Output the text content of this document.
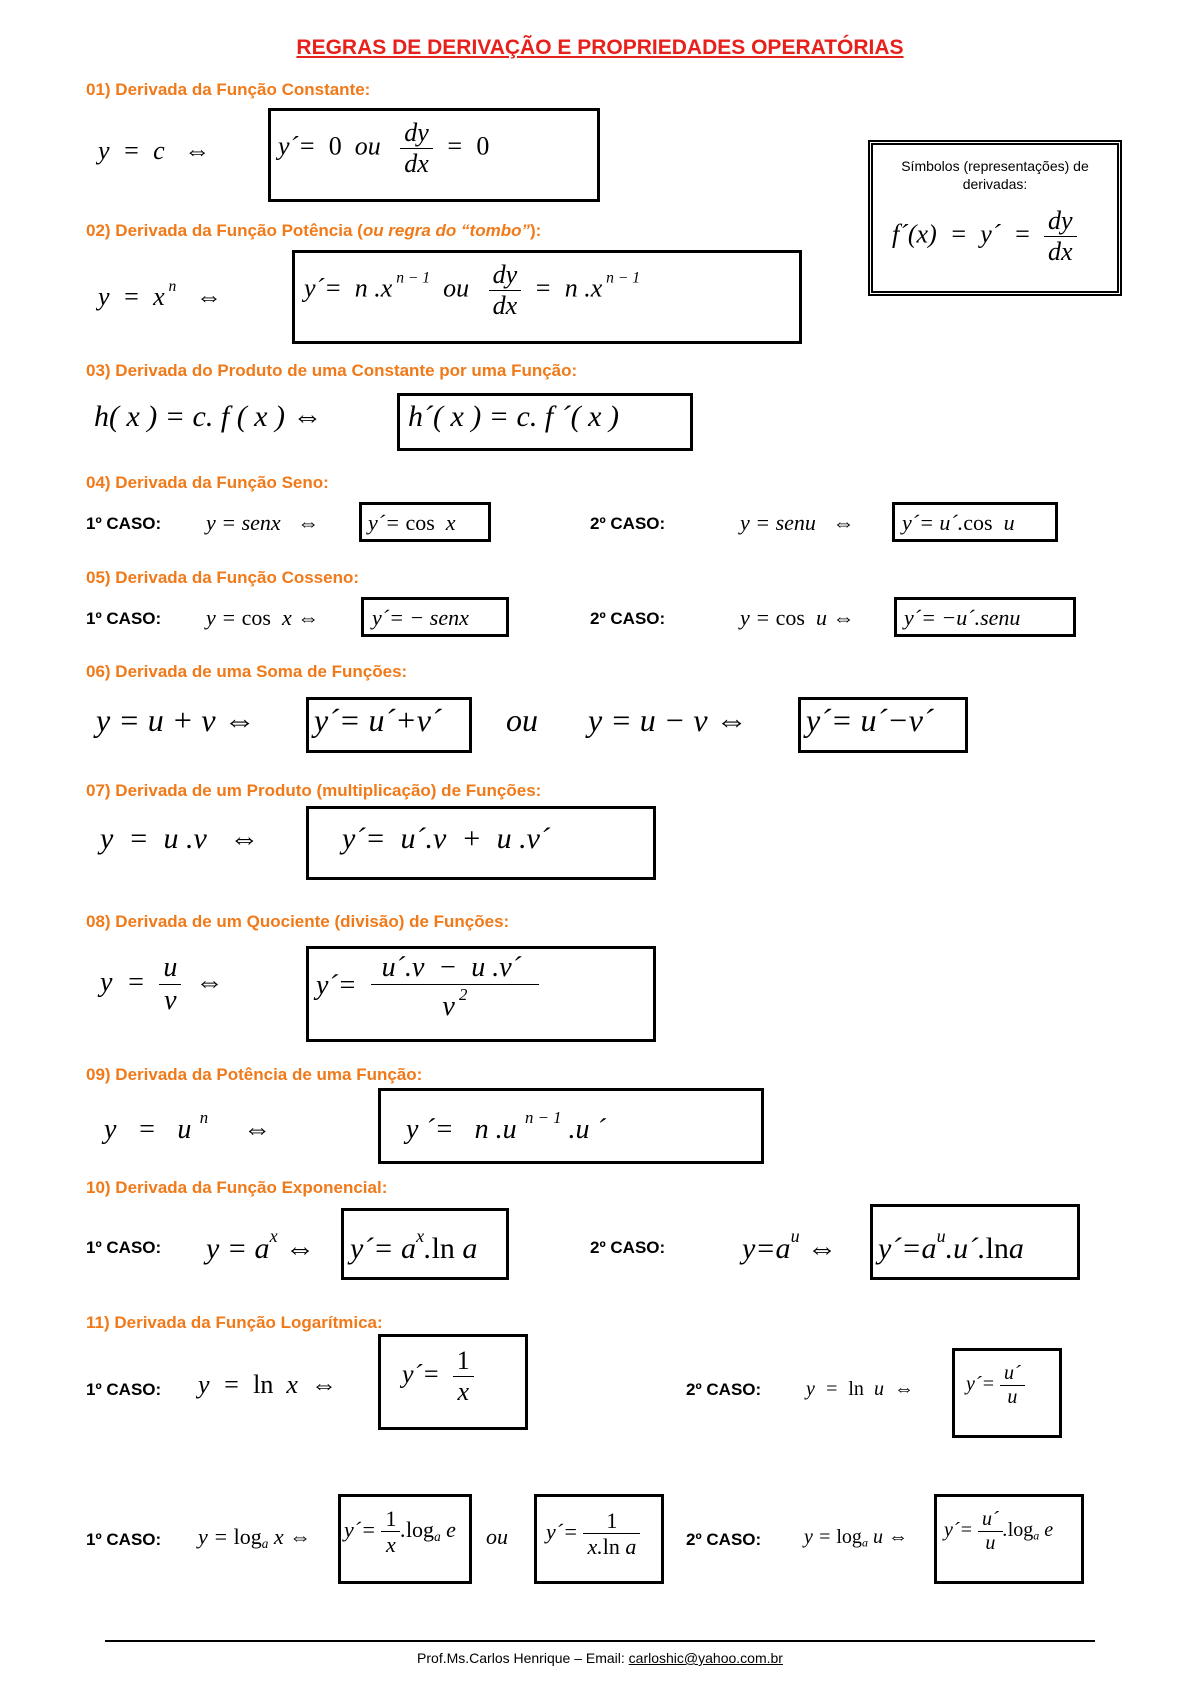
REGRAS DE DERIVAÇÃO E PROPRIEDADES OPERATÓRIAS
01) Derivada da Função Constante:
y  =  c   ⇔	y´=  0  ou $\frac{dy}{dx} = 0$
Símbolos (representações) de derivadas:
f´(x)  =  y´  = $\frac{dy}{dx}$
02) Derivada da Função Potência (ou regra do “tombo”):
y  =  x $^n$ ⇔	y´=  n .x $^{n - 1}$  ou $\frac{dy}{dx} = n$ .x $^{n - 1}$
03) Derivada do Produto de uma Constante por uma Função:
h( x ) = c. f ( x ) ⇔	h´( x ) = c. f ´( x )
04) Derivada da Função Seno:
1º CASO: y = senx   ⇔ y´= cos  x	2º CASO:	y = senu   ⇔ y´= u´.cos  u
05) Derivada da Função Cosseno:
1º CASO: y = cos  x ⇔ y´= − senx	2º CASO:	y = cos  u ⇔ y´= −u´.senu
06) Derivada de uma Soma de Funções:
y = u + v ⇔ y´= u´+v´ ou y = u − v ⇔ y´= u´−v´
07) Derivada de um Produto (multiplicação) de Funções:
y  =  u .v   ⇔	y´=  u´.v  +  u .v´
08) Derivada de um Quociente (divisão) de Funções:
$y = \frac{u}{v}$ ⇔	y´= $\frac{u´.v - u .v´}{v ^2}$
09) Derivada da Potência de uma Função:
y   =   u  $^n$ ⇔	y ´=   n .u  $^{n - 1}$ .u ´
10) Derivada da Função Exponencial:
1º CASO: $y = a^x$ ⇔ y´= $a^x.\ln$ a	2º CASO:	$y=a^u$ ⇔ $y´=a^u.u´.\ln a$
11) Derivada da Função Logarítmica:
1º CASO: y  =  ln  x  ⇔	y´= $\frac{1}{x}$	2º CASO: y  =  ln  u  ⇔	y´= $\frac{u´}{u}$
1º CASO: $y = \log_a x$ ⇔ y´= $\frac{1}{x} .\log_a$ e ou y´= $\frac{1}{\text{x.ln a}}$	2º CASO: $y = \log_a u$ ⇔ y´= $\frac{u´}{u} .\log_a$ e
Prof.Ms.Carlos Henrique – Email: carloshic@yahoo.com.br
